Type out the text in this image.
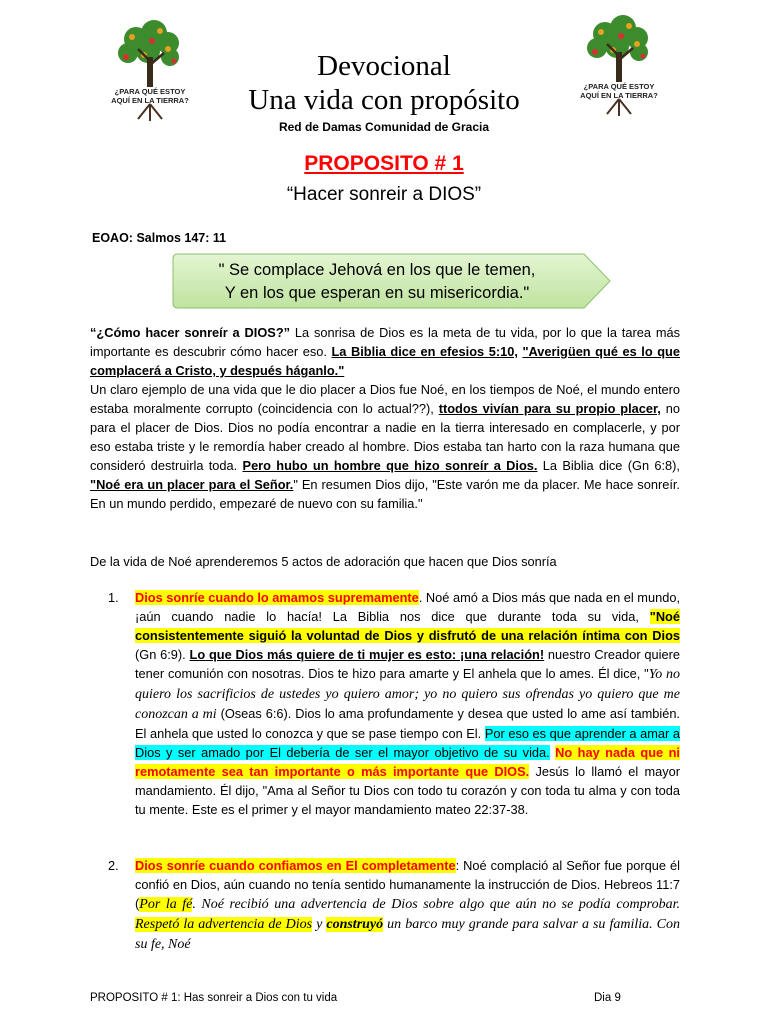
¿PARA QUÉ ESTOY
AQUÍ EN LA TIERRA?
¿PARA QUÉ ESTOY
AQUÍ EN LA TIERRA?
Devocional
Una vida con propósito
Red de Damas Comunidad de Gracia
PROPOSITO # 1
“Hacer sonreir a DIOS”
EOAO: Salmos 147: 11
" Se complace Jehová en los que le temen,
Y en los que esperan en su misericordia."

“¿Cómo hacer sonreír a DIOS?” La sonrisa de Dios es la meta de tu vida, por lo que la tarea más importante es descubrir cómo hacer eso. La Biblia dice en efesios 5:10, "Averigüen qué es lo que complacerá a Cristo, y después háganlo."

Un claro ejemplo de una vida que le dio placer a Dios fue Noé, en los tiempos de Noé, el mundo entero estaba moralmente corrupto (coincidencia con lo actual??), ttodos vivían para su propio placer, no para el placer de Dios. Dios no podía encontrar a nadie en la tierra interesado en complacerle, y por eso estaba triste y le remordía haber creado al hombre. Dios estaba tan harto con la raza humana que consideró destruirla toda. Pero hubo un hombre que hizo sonreír a Dios. La Biblia dice (Gn 6:8), "Noé era un placer para el Señor." En resumen Dios dijo, "Este varón me da placer. Me hace sonreír. En un mundo perdido, empezaré de nuevo con su familia."

De la vida de Noé aprenderemos 5 actos de adoración que hacen que Dios sonría
1.	Dios sonríe cuando lo amamos supremamente. Noé amó a Dios más que nada en el mundo, ¡aún cuando nadie lo hacía! La Biblia nos dice que durante toda su vida, "Noé consistentemente siguió la voluntad de Dios y disfrutó de una relación íntima con Dios (Gn 6:9). Lo que Dios más quiere de ti mujer es esto: ¡una relación! nuestro Creador quiere tener comunión con nosotras. Dios te hizo para amarte y El anhela que lo ames. Él dice, "Yo no quiero los sacrificios de ustedes yo quiero amor; yo no quiero sus ofrendas yo quiero que me conozcan a mi (Oseas 6:6). Dios lo ama profundamente y desea que usted lo ame así también. El anhela que usted lo conozca y que se pase tiempo con El. Por eso es que aprender a amar a Dios y ser amado por El debería de ser el mayor objetivo de su vida. No hay nada que ni remotamente sea tan importante o más importante que DIOS. Jesús lo llamó el mayor mandamiento. Él dijo, "Ama al Señor tu Dios con todo tu corazón y con toda tu alma y con toda tu mente. Este es el primer y el mayor mandamiento mateo 22:37-38.
2.	Dios sonríe cuando confiamos en El completamente: Noé complació al Señor fue porque él confió en Dios, aún cuando no tenía sentido humanamente la instrucción de Dios. Hebreos 11:7 (Por la fé. Noé recibió una advertencia de Dios sobre algo que aún no se podía comprobar. Respetó la advertencia de Dios y construyó un barco muy grande para salvar a su familia. Con su fe, Noé
PROPOSITO # 1: Has sonreir a Dios con tu vida	Dia 9
